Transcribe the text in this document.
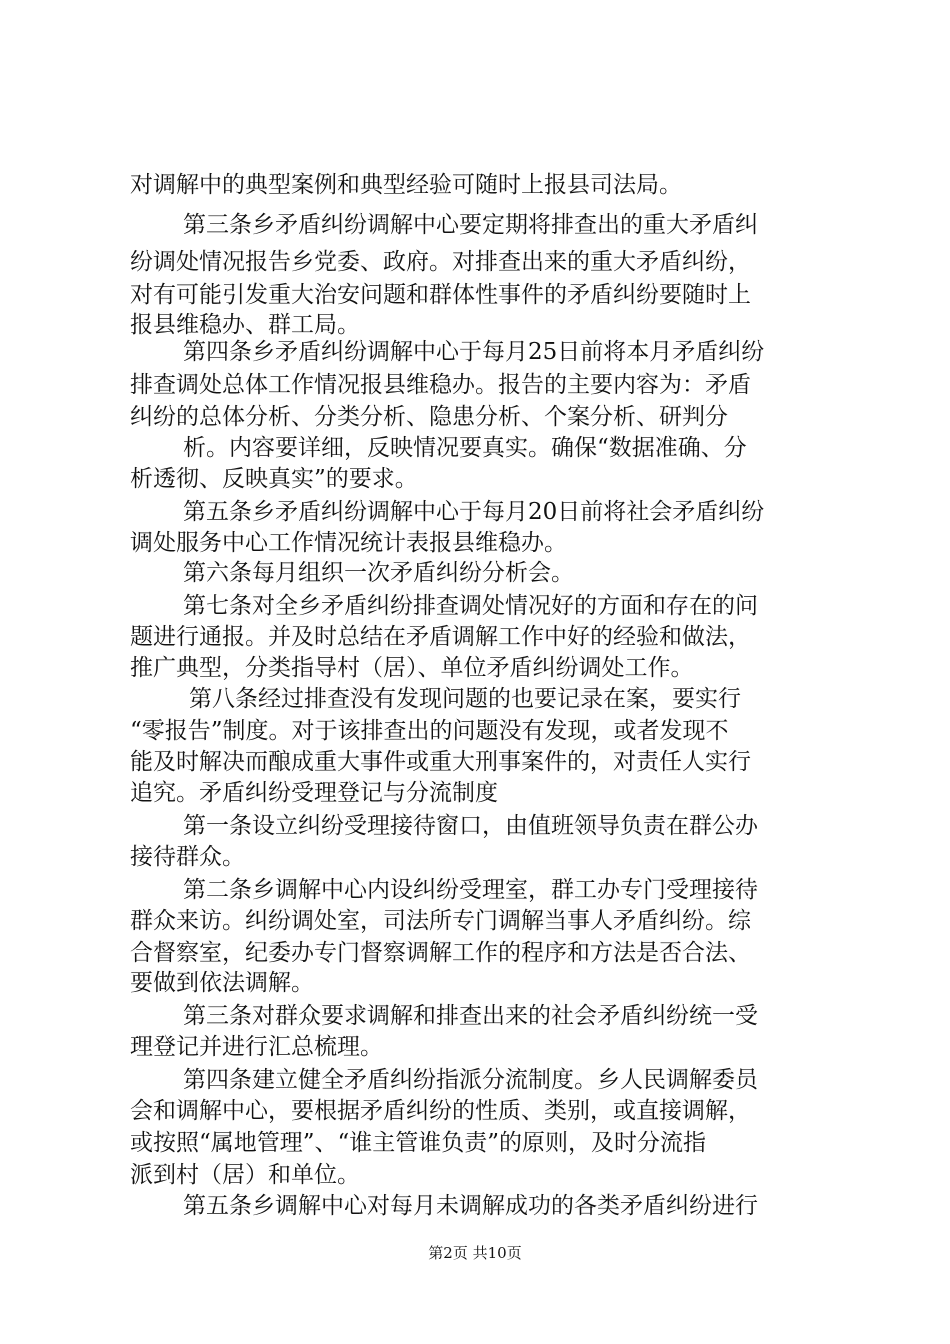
对调解中的典型案例和典型经验可随时上报县司法局。
第三条乡矛盾纠纷调解中心要定期将排查出的重大矛盾纠
纷调处情况报告乡党委、政府。对排查出来的重大矛盾纠纷，
对有可能引发重大治安问题和群体性事件的矛盾纠纷要随时上
报县维稳办、群工局。
第四条乡矛盾纠纷调解中心于每月25日前将本月矛盾纠纷
排查调处总体工作情况报县维稳办。报告的主要内容为：矛盾
纠纷的总体分析、分类分析、隐患分析、个案分析、研判分
析。内容要详细，反映情况要真实。确保“数据准确、分
析透彻、反映真实”的要求。
第五条乡矛盾纠纷调解中心于每月20日前将社会矛盾纠纷
调处服务中心工作情况统计表报县维稳办。
第六条每月组织一次矛盾纠纷分析会。
第七条对全乡矛盾纠纷排查调处情况好的方面和存在的问
题进行通报。并及时总结在矛盾调解工作中好的经验和做法，
推广典型，分类指导村（居）、单位矛盾纠纷调处工作。
第八条经过排查没有发现问题的也要记录在案，要实行
“零报告”制度。对于该排查出的问题没有发现，或者发现不
能及时解决而酿成重大事件或重大刑事案件的，对责任人实行
追究。矛盾纠纷受理登记与分流制度
第一条设立纠纷受理接待窗口，由值班领导负责在群公办
接待群众。
第二条乡调解中心内设纠纷受理室，群工办专门受理接待
群众来访。纠纷调处室，司法所专门调解当事人矛盾纠纷。综
合督察室，纪委办专门督察调解工作的程序和方法是否合法、
要做到依法调解。
第三条对群众要求调解和排查出来的社会矛盾纠纷统一受
理登记并进行汇总梳理。
第四条建立健全矛盾纠纷指派分流制度。乡人民调解委员
会和调解中心，要根据矛盾纠纷的性质、类别，或直接调解，
或按照“属地管理”、“谁主管谁负责”的原则，及时分流指
派到村（居）和单位。
第五条乡调解中心对每月未调解成功的各类矛盾纠纷进行
第2页 共10页
